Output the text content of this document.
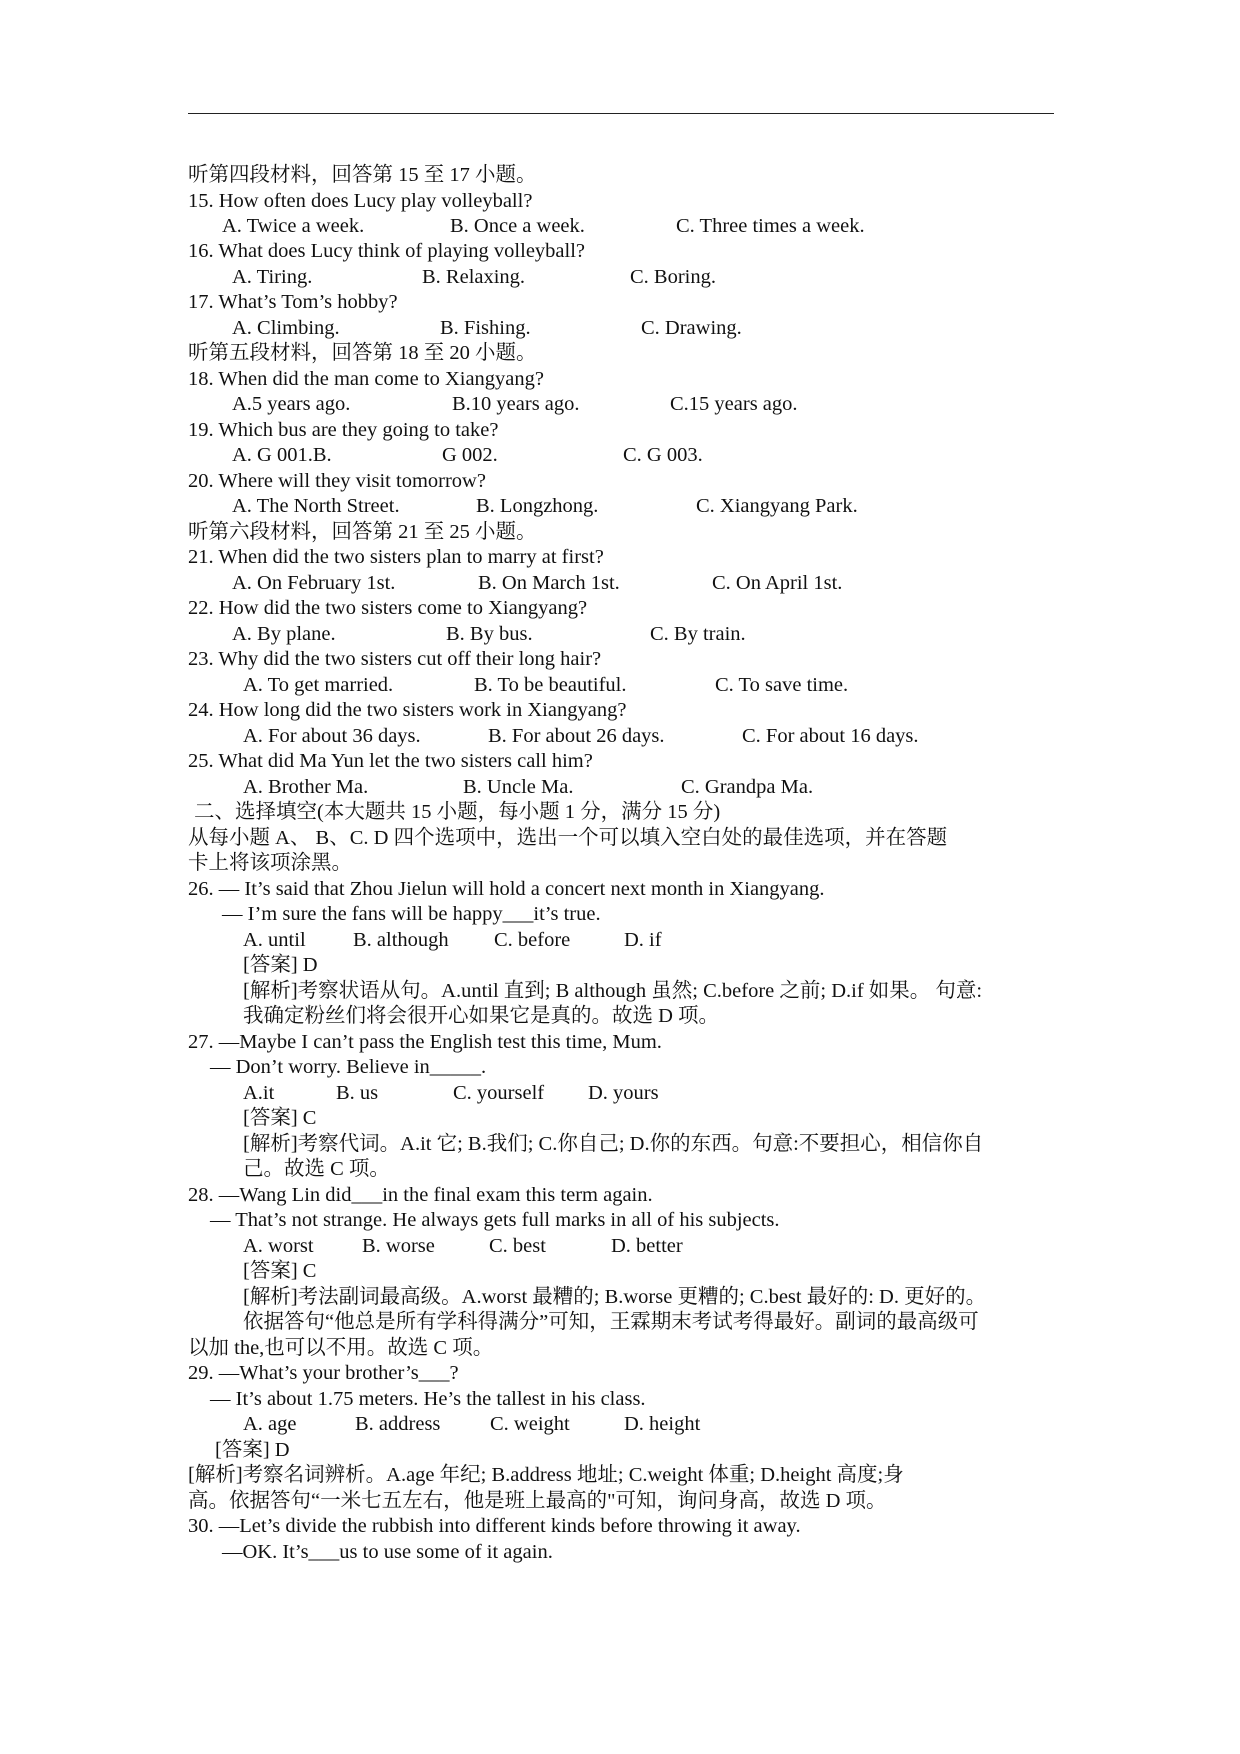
听第四段材料，回答第 15 至 17 小题。
15. How often does Lucy play volleyball?
A. Twice a week.	B. Once a week.	C. Three times a week.
16. What does Lucy think of playing volleyball?
A. Tiring.	B. Relaxing.	C. Boring.
17. What’s Tom’s hobby?
A. Climbing.	B. Fishing.	C. Drawing.
听第五段材料，回答第 18 至 20 小题。
18. When did the man come to Xiangyang?
A.5 years ago.	B.10 years ago.	C.15 years ago.
19. Which bus are they going to take?
A. G 001.B.	G 002.	C. G 003.
20. Where will they visit tomorrow?
A. The North Street.	B. Longzhong.	C. Xiangyang Park.
听第六段材料，回答第 21 至 25 小题。
21. When did the two sisters plan to marry at first?
A. On February 1st.	B. On March 1st.	C. On April 1st.
22. How did the two sisters come to Xiangyang?
A. By plane.	B. By bus.	C. By train.
23. Why did the two sisters cut off their long hair?
A. To get married.	B. To be beautiful.	C. To save time.
24. How long did the two sisters work in Xiangyang?
A. For about 36 days.	B. For about 26 days.	C. For about 16 days.
25. What did Ma Yun let the two sisters call him?
A. Brother Ma.	B. Uncle Ma.	C. Grandpa Ma.
二、选择填空(本大题共 15 小题，每小题 1 分，满分 15 分)
从每小题 A、 B、C. D 四个选项中，选出一个可以填入空白处的最佳选项，并在答题
卡上将该项涂黑。
26. — It’s said that Zhou Jielun will hold a concert next month in Xiangyang.
— I’m sure the fans will be happy___it’s true.
A. until B. although C. before	D. if
[答案] D
[解析]考察状语从句。A.until 直到; B although 虽然; C.before 之前; D.if 如果。 句意:
我确定粉丝们将会很开心如果它是真的。故选 D 项。
27. —Maybe I can’t pass the English test this time, Mum.
— Don’t worry. Believe in_____.
A.it	B. us	C. yourself D. yours
[答案] C
[解析]考察代词。A.it 它; B.我们; C.你自己; D.你的东西。句意:不要担心，相信你自
己。故选 C 项。
28. —Wang Lin did___in the final exam this term again.
— That’s not strange. He always gets full marks in all of his subjects.
A. worst B. worse	C. best	D. better
[答案] C
[解析]考法副词最高级。A.worst 最糟的; B.worse 更糟的; C.best 最好的: D. 更好的。
依据答句“他总是所有学科得满分”可知，王霖期末考试考得最好。副词的最高级可
以加 the,也可以不用。故选 C 项。
29. —What’s your brother’s___?
— It’s about 1.75 meters. He’s the tallest in his class.
A. age	B. address C. weight	D. height
[答案] D
[解析]考察名词辨析。A.age 年纪; B.address 地址; C.weight 体重; D.height 高度;身
高。依据答句“一米七五左右，他是班上最高的"可知，询问身高，故选 D 项。
30. —Let’s divide the rubbish into different kinds before throwing it away.
—OK. It’s___us to use some of it again.
